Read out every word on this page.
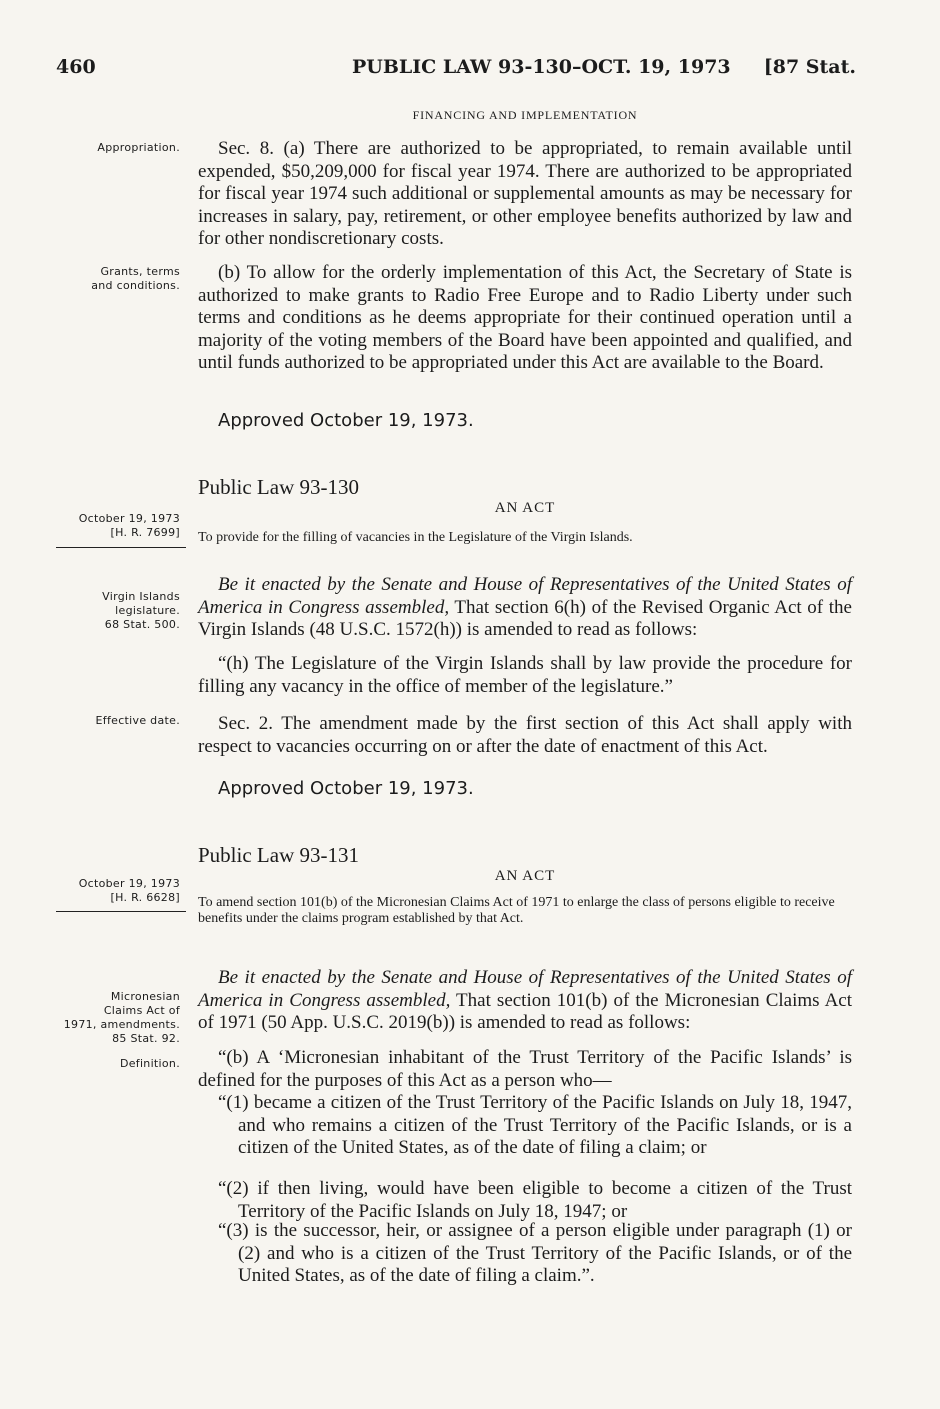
460	PUBLIC LAW 93-130–OCT. 19, 1973 [87 Stat.
FINANCING AND IMPLEMENTATION

Appropriation.	Sec. 8. (a) There are authorized to be appropriated, to remain available until expended, $50,209,000 for fiscal year 1974. There are authorized to be appropriated for fiscal year 1974 such additional or supplemental amounts as may be necessary for increases in salary, pay, retirement, or other employee benefits authorized by law and for other nondiscretionary costs.

Grants, terms

and conditions.

(b) To allow for the orderly implementation of this Act, the Secretary of State is authorized to make grants to Radio Free Europe and to Radio Liberty under such terms and conditions as he deems appropriate for their continued operation until a majority of the voting members of the Board have been appointed and qualified, and until funds authorized to be appropriated under this Act are available to the Board.

Approved October 19, 1973.
Public Law 93-130

October 19, 1973

[H. R. 7699]

AN ACT
To provide for the filling of vacancies in the Legislature of the Virgin Islands.

Virgin Islands

legislature.

68 Stat. 500.

Be it enacted by the Senate and House of Representatives of the United States of America in Congress assembled, That section 6(h) of the Revised Organic Act of the Virgin Islands (48 U.S.C. 1572(h)) is amended to read as follows:

“(h) The Legislature of the Virgin Islands shall by law provide the procedure for filling any vacancy in the office of member of the legislature.”

Effective date.	Sec. 2. The amendment made by the first section of this Act shall apply with respect to vacancies occurring on or after the date of enactment of this Act.

Approved October 19, 1973.
Public Law 93-131

October 19, 1973

[H. R. 6628]

AN ACT
To amend section 101(b) of the Micronesian Claims Act of 1971 to enlarge the class of persons eligible to receive benefits under the claims program established by that Act.

Micronesian

Claims Act of

1971, amendments.

85 Stat. 92.

Be it enacted by the Senate and House of Representatives of the United States of America in Congress assembled, That section 101(b) of the Micronesian Claims Act of 1971 (50 App. U.S.C. 2019(b)) is amended to read as follows:

Definition.	“(b) A ‘Micronesian inhabitant of the Trust Territory of the Pacific Islands’ is defined for the purposes of this Act as a person who—

“(1) became a citizen of the Trust Territory of the Pacific Islands on July 18, 1947, and who remains a citizen of the Trust Territory of the Pacific Islands, or is a citizen of the United States, as of the date of filing a claim; or

“(2) if then living, would have been eligible to become a citizen of the Trust Territory of the Pacific Islands on July 18, 1947; or

“(3) is the successor, heir, or assignee of a person eligible under paragraph (1) or (2) and who is a citizen of the Trust Territory of the Pacific Islands, or of the United States, as of the date of filing a claim.”.
